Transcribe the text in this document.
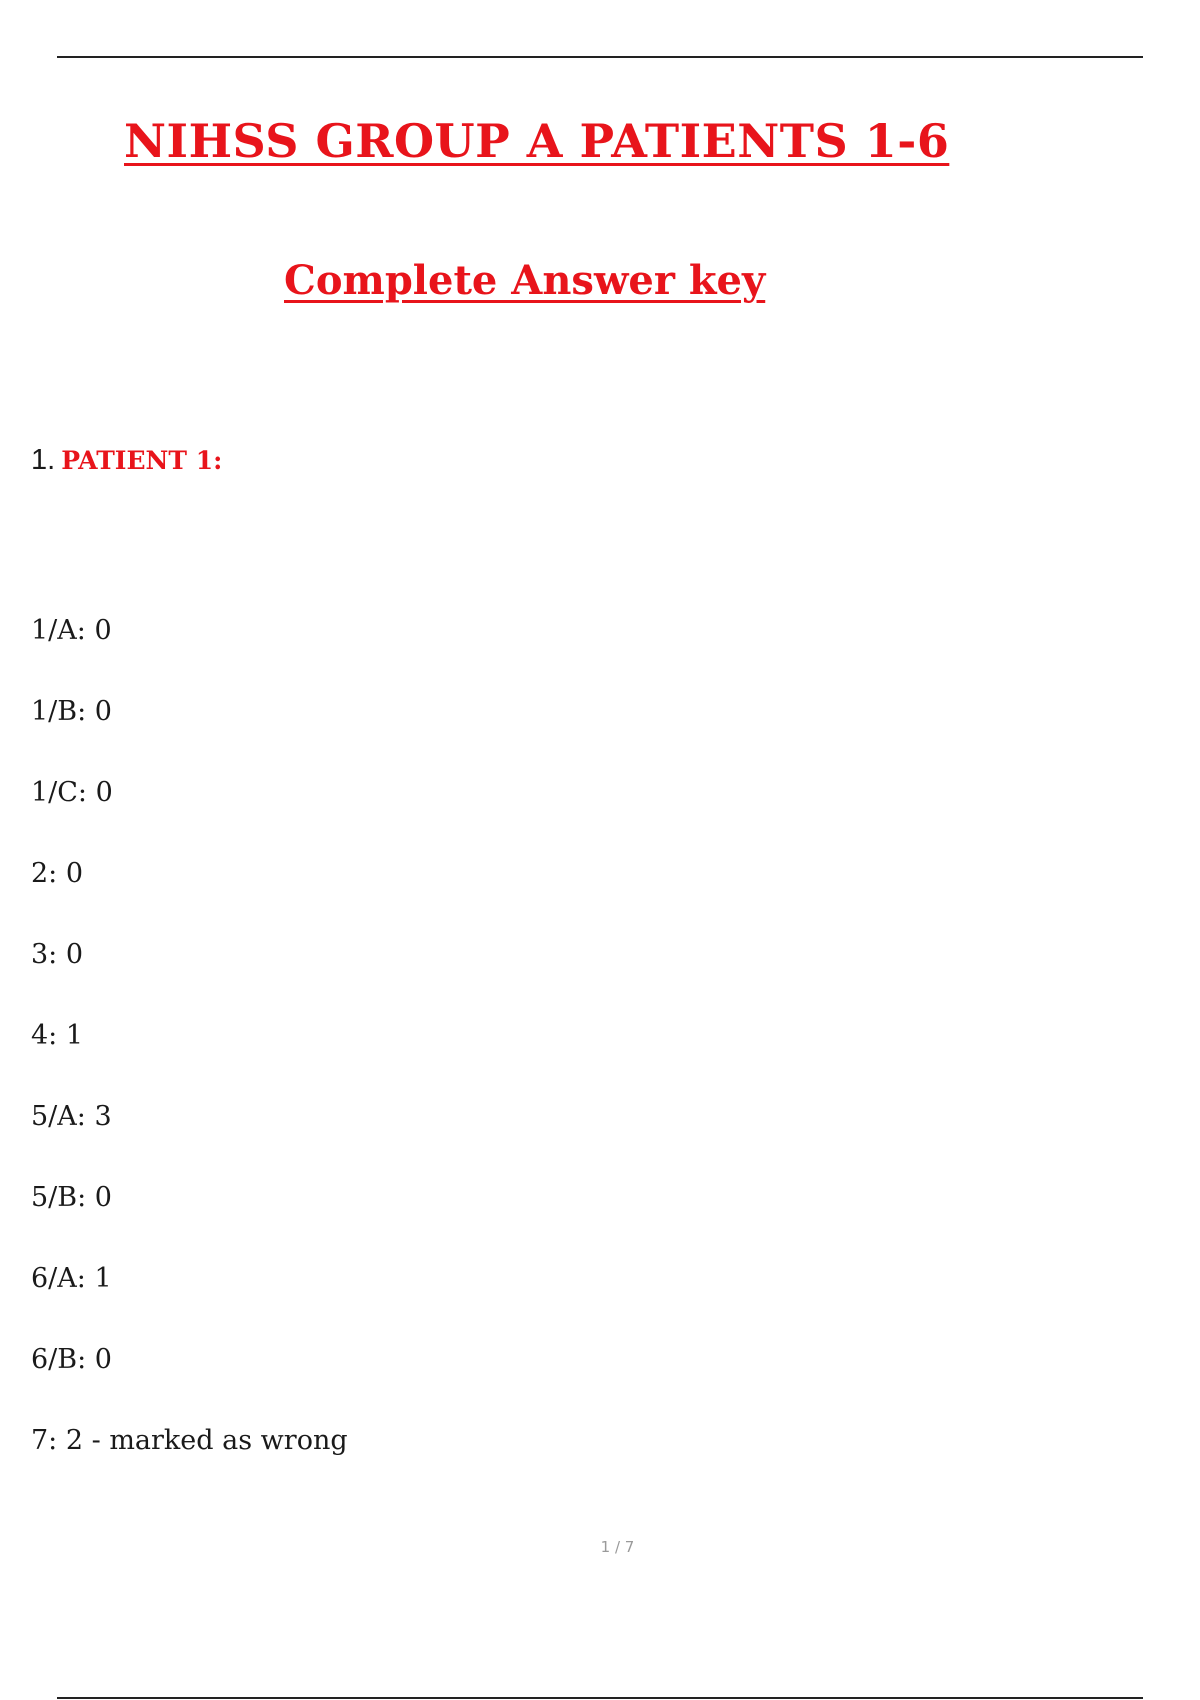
NIHSS GROUP A PATIENTS 1-6
Complete Answer key
1. PATIENT 1:
1/A: 0
1/B: 0
1/C: 0
2: 0
3: 0
4: 1
5/A: 3
5/B: 0
6/A: 1
6/B: 0
7: 2 - marked as wrong
1 / 7
